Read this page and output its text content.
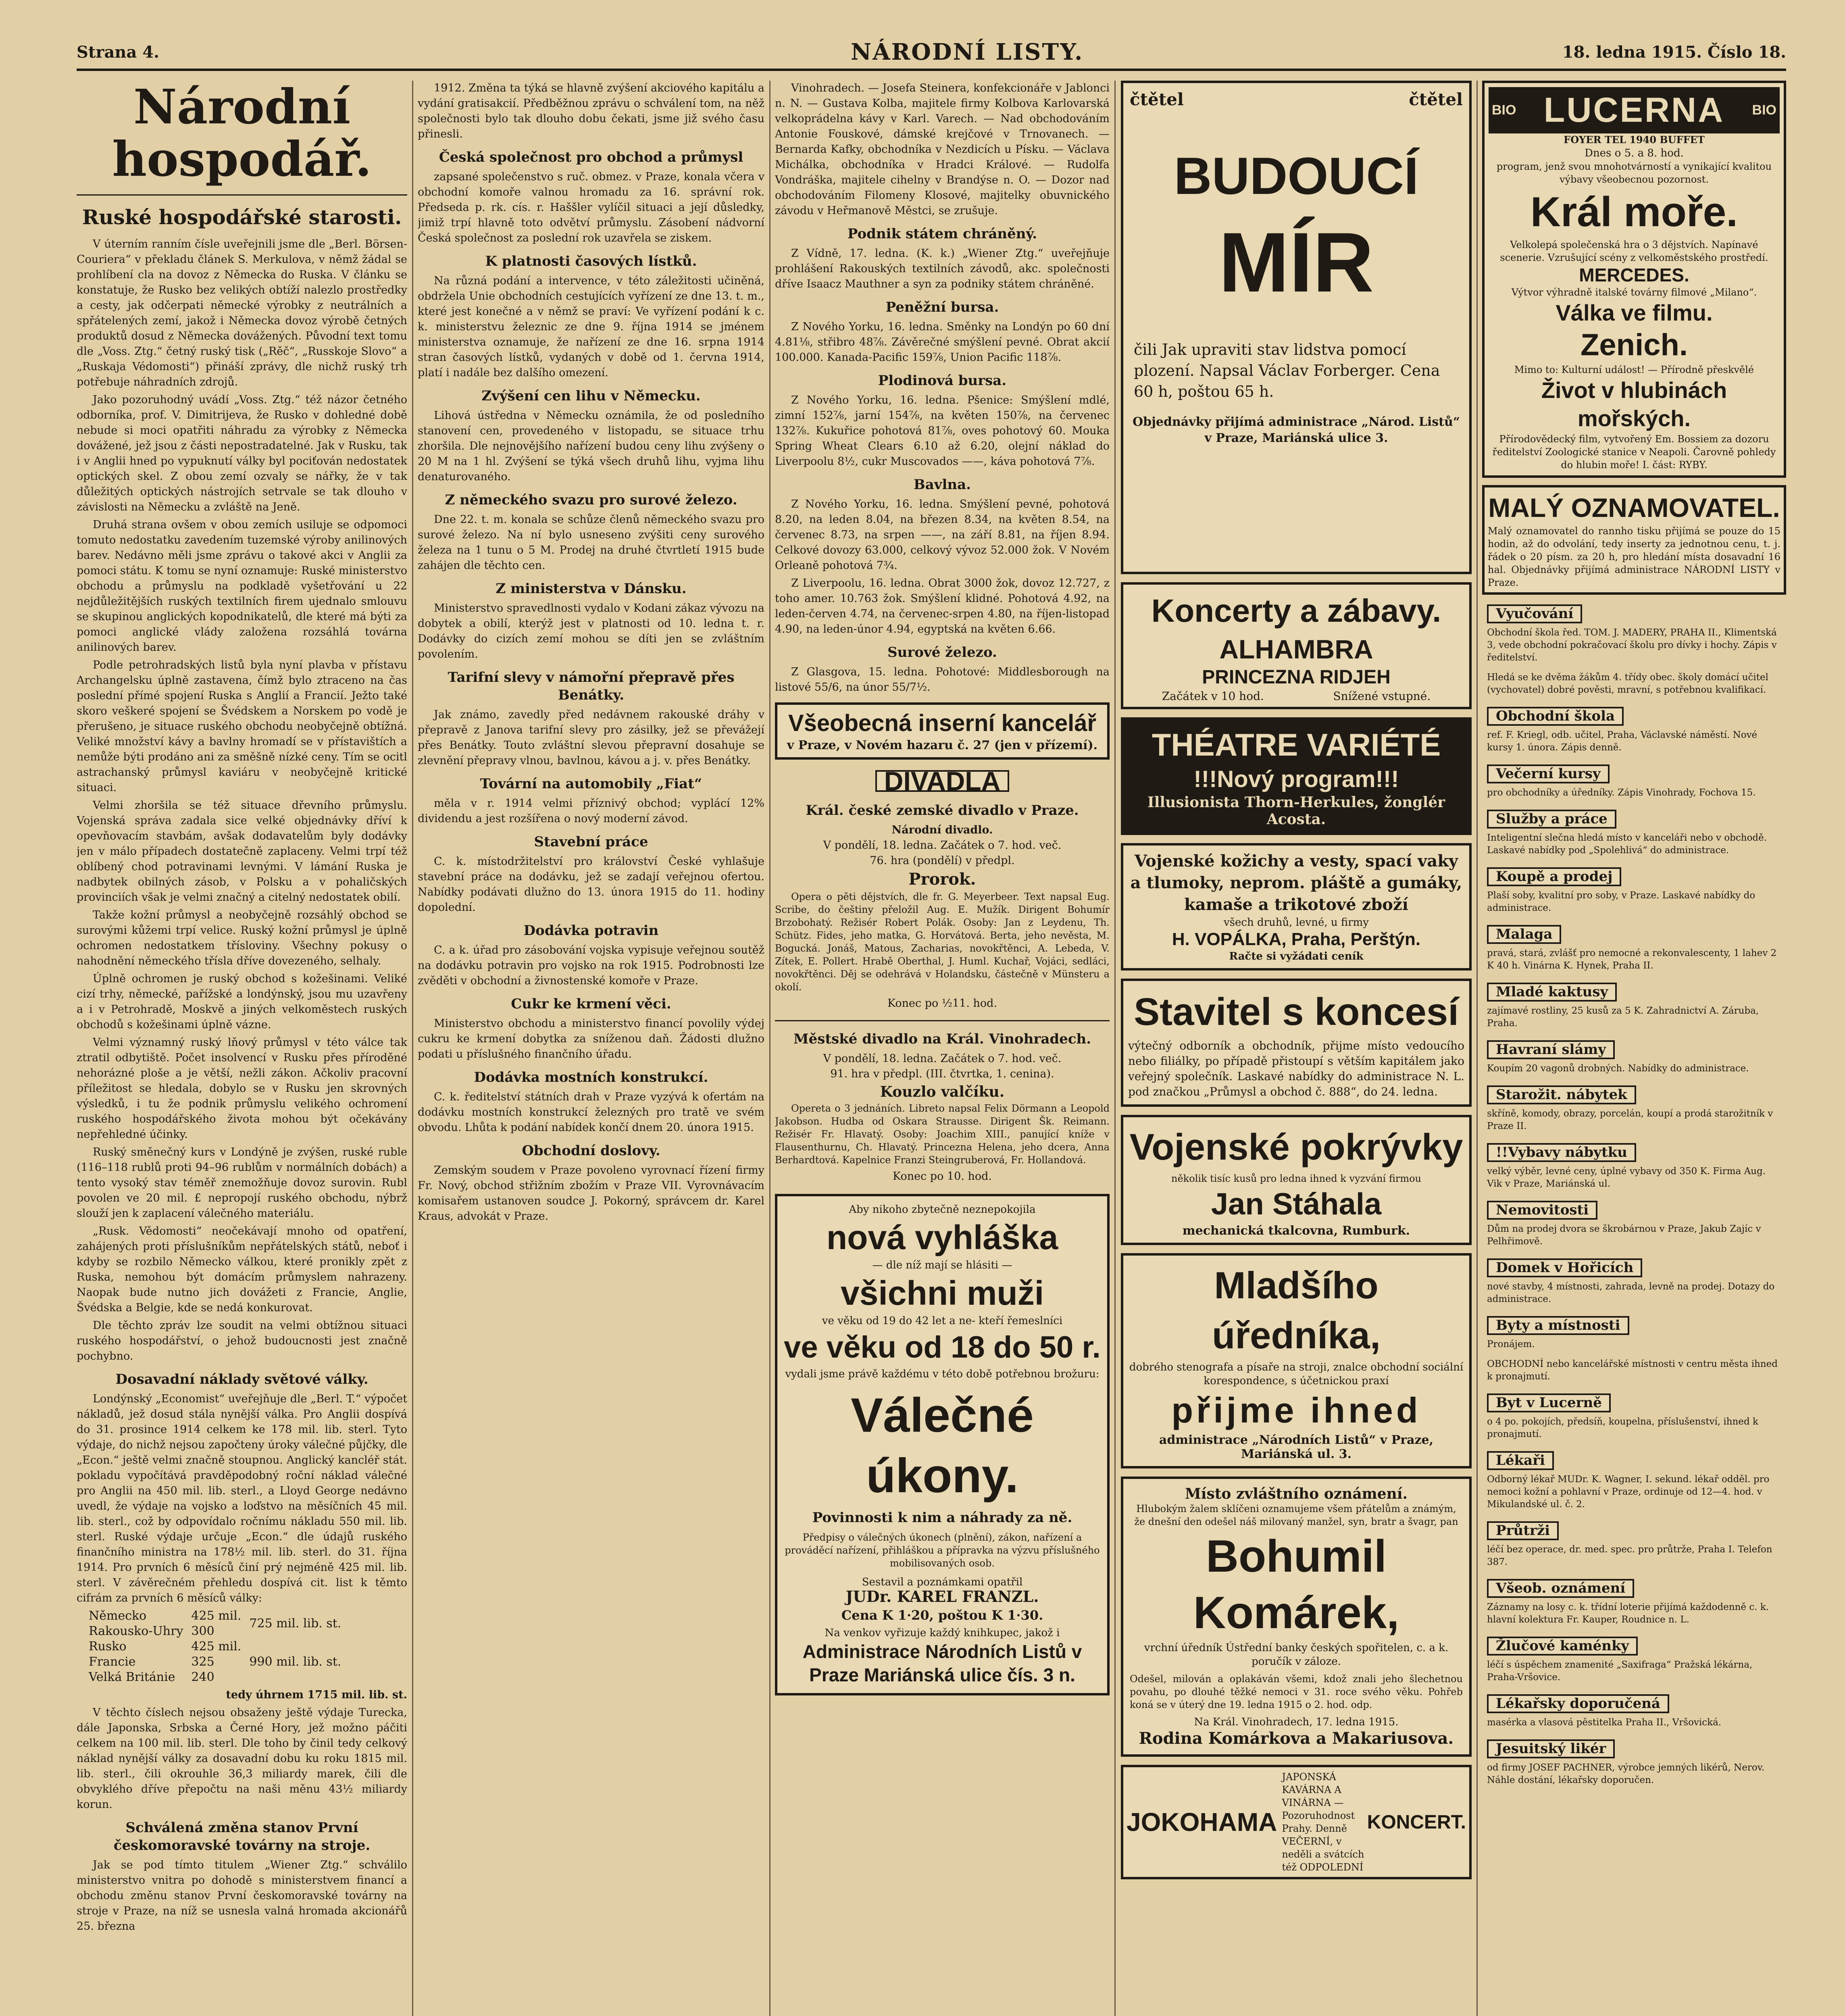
Strana 4.	NÁRODNÍ LISTY.	18. ledna 1915. Číslo 18.
Národní hospodář.
Ruské hospodářské starosti.

V úterním ranním čísle uveřejnili jsme dle „Berl. Börsen-Couriera“ v překladu článek S. Merkulova, v němž žádal se prohlíbení cla na dovoz z Německa do Ruska. V článku se konstatuje, že Rusko bez velikých obtíží nalezlo prostředky a cesty, jak odčerpati německé výrobky z neutrálních a spřátelených zemí, jakož i Německa dovoz výrobě četných produktů dosud z Německa dovážených. Původní text tomu dle „Voss. Ztg.“ četný ruský tisk („Rěč“, „Russkoje Slovo“ a „Ruskaja Védomosti“) přináší zprávy, dle nichž ruský trh potřebuje náhradních zdrojů.

Jako pozoruhodný uvádí „Voss. Ztg.“ též názor četného odborníka, prof. V. Dimitrijeva, že Rusko v dohledné době nebude si moci opatřiti náhradu za výrobky z Německa dovážené, jež jsou z části nepostradatelné. Jak v Rusku, tak i v Anglii hned po vypuknutí války byl pociťován nedostatek optických skel. Z obou zemí ozvaly se nářky, že v tak důležitých optických nástrojích setrvale se tak dlouho v závislosti na Německu a zvláště na Jeně.

Druhá strana ovšem v obou zemích usiluje se odpomoci tomuto nedostatku zavedením tuzemské výroby anilinových barev. Nedávno měli jsme zprávu o takové akci v Anglii za pomoci státu. K tomu se nyní oznamuje: Ruské ministerstvo obchodu a průmyslu na podkladě vyšetřování u 22 nejdůležitějších ruských textilních firem ujednalo smlouvu se skupinou anglických kopodnikatelů, dle které má býti za pomoci anglické vlády založena rozsáhlá továrna anilinových barev.

Podle petrohradských listů byla nyní plavba v přístavu Archangelsku úplně zastavena, čímž bylo ztraceno na čas poslední přímé spojení Ruska s Anglií a Francií. Ježto také skoro veškeré spojení se Švédskem a Norskem po vodě je přerušeno, je situace ruského obchodu neobyčejně obtížná. Veliké množství kávy a bavlny hromadí se v přístavištích a nemůže býti prodáno ani za směšně nízké ceny. Tím se ocitl astrachanský průmysl kaviáru v neobyčejně kritické situaci.

Velmi zhoršila se též situace dřevního průmyslu. Vojenská správa zadala sice velké objednávky dříví k opevňovacím stavbám, avšak dodavatelům byly dodávky jen v málo případech dostatečně zaplaceny. Velmi trpí též oblíbený chod potravinami levnými. V lámání Ruska je nadbytek obilných zásob, v Polsku a v pohaličských provinciích však je velmi značný a citelný nedostatek obilí.

Takže kožní průmysl a neobyčejně rozsáhlý obchod se surovými kůžemi trpí velice. Ruský kožní průmysl je úplně ochromen nedostatkem třísloviny. Všechny pokusy o nahodnění německého třísla dříve dovezeného, selhaly.

Úplně ochromen je ruský obchod s kožešinami. Veliké cizí trhy, německé, pařížské a londýnský, jsou mu uzavřeny a i v Petrohradě, Moskvě a jiných velkoměstech ruských obchodů s kožešinami úplně vázne.

Velmi významný ruský lňový průmysl v této válce tak ztratil odbytiště. Počet insolvencí v Rusku přes příroděné nehorázné ploše a je větší, nežli zákon. Ačkoliv pracovní příležitost se hledala, dobylo se v Rusku jen skrovných výsledků, i tu že podnik průmyslu velikého ochromení ruského hospodářského života mohou být očekávány nepřehledné účinky.

Ruský směnečný kurs v Londýně je zvýšen, ruské ruble (116–118 rublů proti 94–96 rublům v normálních dobách) a tento vysoký stav téměř znemožňuje dovoz surovin. Rubl povolen ve 20 mil. £ nepropojí ruského obchodu, nýbrž slouží jen k zaplacení válečného materiálu.

„Rusk. Vědomosti“ neočekávají mnoho od opatření, zahájených proti příslušníkům nepřátelských států, neboť i kdyby se rozbilo Německo válkou, které pronikly zpět z Ruska, nemohou být domácím průmyslem nahrazeny. Naopak bude nutno jich dovážeti z Francie, Anglie, Švédska a Belgie, kde se nedá konkurovat.

Dle těchto zpráv lze soudit na velmi obtížnou situaci ruského hospodářství, o jehož budoucnosti jest značně pochybno.

Dosavadní náklady světové války.

Londýnský „Economist“ uveřejňuje dle „Berl. T.“ výpočet nákladů, jež dosud stála nynější válka. Pro Anglii dospívá do 31. prosince 1914 celkem ke 178 mil. lib. sterl. Tyto výdaje, do nichž nejsou započteny úroky válečné půjčky, dle „Econ.“ ještě velmi značně stoupnou. Anglický kancléř stát. pokladu vypočítává pravděpodobný roční náklad válečné pro Anglii na 450 mil. lib. sterl., a Lloyd George nedávno uvedl, že výdaje na vojsko a loďstvo na měsíčních 45 mil. lib. sterl., což by odpovídalo ročnímu nákladu 550 mil. lib. sterl. Ruské výdaje určuje „Econ.“ dle údajů ruského finančního ministra na 178½ mil. lib. sterl. do 31. října 1914. Pro prvních 6 měsíců činí prý nejméně 425 mil. lib. sterl. V závěrečném přehledu dospívá cit. list k těmto cifrám za prvních 6 měsíců války:

Německo	425 mil.	725 mil. lib. st.
Rakousko-Uhry	300	
Rusko	425 mil.	990 mil. lib. st.
Francie	325	
Velká Británie	240	

tedy úhrnem 1715 mil. lib. st.

V těchto číslech nejsou obsaženy ještě výdaje Turecka, dále Japonska, Srbska a Černé Hory, jež možno páčiti celkem na 100 mil. lib. sterl. Dle toho by činil tedy celkový náklad nynější války za dosavadní dobu ku roku 1815 mil. lib. sterl., čili okrouhle 36,3 miliardy marek, čili dle obvyklého dříve přepočtu na naši měnu 43½ miliardy korun.

Schválená změna stanov První českomoravské továrny na stroje.

Jak se pod tímto titulem „Wiener Ztg.“ schválilo ministerstvo vnitra po dohodě s ministerstvem financí a obchodu změnu stanov První českomoravské továrny na stroje v Praze, na níž se usnesla valná hromada akcionářů 25. března

1912. Změna ta týká se hlavně zvýšení akciového kapitálu a vydání gratisakcií. Předběžnou zprávu o schválení tom, na něž společnosti bylo tak dlouho dobu čekati, jsme již svého času přinesli.

Česká společnost pro obchod a průmysl

zapsané společenstvo s ruč. obmez. v Praze, konala včera v obchodní komoře valnou hromadu za 16. správní rok. Předseda p. rk. cís. r. Haššler vylíčil situaci a její důsledky, jimiž trpí hlavně toto odvětví průmyslu. Zásobení nádvorní Česká společnost za poslední rok uzavřela se ziskem.

K platnosti časových lístků.

Na různá podání a intervence, v této záležitosti učiněná, obdržela Unie obchodních cestujících vyřízení ze dne 13. t. m., které jest konečné a v němž se praví: Ve vyřízení podání k c. k. ministerstvu železnic ze dne 9. října 1914 se jménem ministerstva oznamuje, že nařízení ze dne 16. srpna 1914 stran časových lístků, vydaných v době od 1. června 1914, platí i nadále bez dalšího omezení.

Zvýšení cen lihu v Německu.

Lihová ústředna v Německu oznámila, že od posledního stanovení cen, provedeného v listopadu, se situace trhu zhoršila. Dle nejnovějšího nařízení budou ceny lihu zvýšeny o 20 M na 1 hl. Zvýšení se týká všech druhů lihu, vyjma lihu denaturovaného.

Z německého svazu pro surové železo.

Dne 22. t. m. konala se schůze členů německého svazu pro surové železo. Na ní bylo usneseno zvýšiti ceny surového železa na 1 tunu o 5 M. Prodej na druhé čtvrtletí 1915 bude zahájen dle těchto cen.

Z ministerstva v Dánsku.

Ministerstvo spravedlnosti vydalo v Kodani zákaz vývozu na dobytek a obilí, kterýž jest v platnosti od 10. ledna t. r. Dodávky do cizích zemí mohou se díti jen se zvláštním povolením.

Tarifní slevy v námořní přepravě přes Benátky.

Jak známo, zavedly před nedávnem rakouské dráhy v přepravě z Janova tarifní slevy pro zásilky, jež se převážejí přes Benátky. Touto zvláštní slevou přepravní dosahuje se zlevnění přepravy vlnou, bavlnou, kávou a j. v. přes Benátky.

Tovární na automobily „Fiat“

měla v r. 1914 velmi příznivý obchod; vyplácí 12% dividendu a jest rozšířena o nový moderní závod.

Stavební práce

C. k. místodržitelství pro království České vyhlašuje stavební práce na dodávku, jež se zadají veřejnou ofertou. Nabídky podávati dlužno do 13. února 1915 do 11. hodiny dopolední.

Dodávka potravin

C. a k. úřad pro zásobování vojska vypisuje veřejnou soutěž na dodávku potravin pro vojsko na rok 1915. Podrobnosti lze zvěděti v obchodní a živnostenské komoře v Praze.

Cukr ke krmení věci.

Ministerstvo obchodu a ministerstvo financí povolily výdej cukru ke krmení dobytka za sníženou daň. Žádosti dlužno podati u příslušného finančního úřadu.

Dodávka mostních konstrukcí.

C. k. ředitelství státních drah v Praze vyzývá k ofertám na dodávku mostních konstrukcí železných pro tratě ve svém obvodu. Lhůta k podání nabídek končí dnem 20. února 1915.

Obchodní doslovy.

Zemským soudem v Praze povoleno vyrovnací řízení firmy Fr. Nový, obchod střižním zbožím v Praze VII. Vyrovnávacím komisařem ustanoven soudce J. Pokorný, správcem dr. Karel Kraus, advokát v Praze.

Vinohradech. — Josefa Steinera, konfekcionáře v Jablonci n. N. — Gustava Kolba, majitele firmy Kolbova Karlovarská velkoprádelna kávy v Karl. Varech. — Nad obchodováním Antonie Fouskové, dámské krejčové v Trnovanech. — Bernarda Kafky, obchodníka v Nezdicích u Písku. — Václava Michálka, obchodníka v Hradci Králové. — Rudolfa Vondráška, majitele cihelny v Brandýse n. O. — Dozor nad obchodováním Filomeny Klosové, majitelky obuvnického závodu v Heřmanově Městci, se zrušuje.

Podnik státem chráněný.

Z Vídně, 17. ledna. (K. k.) „Wiener Ztg.“ uveřejňuje prohlášení Rakouských textilních závodů, akc. společnosti dříve Isaacz Mauthner a syn za podniky státem chráněné.

Peněžní bursa.

Z Nového Yorku, 16. ledna. Směnky na Londýn po 60 dní 4.81⅛, střibro 48⅞. Závěrečné smýšlení pevné. Obrat akcií 100.000. Kanada-Pacific 159⅞, Union Pacific 118⅞.

Plodinová bursa.

Z Nového Yorku, 16. ledna. Pšenice: Smýšlení mdlé, zimní 152⅞, jarní 154⅞, na květen 150⅞, na červenec 132⅞. Kukuřice pohotová 81⅞, oves pohotový 60. Mouka Spring Wheat Clears 6.10 až 6.20, olejní náklad do Liverpoolu 8½, cukr Muscovados ——, káva pohotová 7⅞.

Bavlna.

Z Nového Yorku, 16. ledna. Smýšlení pevné, pohotová 8.20, na leden 8.04, na březen 8.34, na květen 8.54, na červenec 8.73, na srpen ——, na září 8.81, na říjen 8.94. Celkové dovozy 63.000, celkový vývoz 52.000 žok. V Novém Orleaně pohotová 7¾.

Z Liverpoolu, 16. ledna. Obrat 3000 žok, dovoz 12.727, z toho amer. 10.763 žok. Smýšlení klidné. Pohotová 4.92, na leden-červen 4.74, na červenec-srpen 4.80, na říjen-listopad 4.90, na leden-únor 4.94, egyptská na květen 6.66.

Surové železo.

Z Glasgova, 15. ledna. Pohotové: Middlesborough na listové 55/6, na únor 55/7½.

Všeobecná inserní kancelář
v Praze, v Novém hazaru č. 27 (jen v přízemí).
DIVADLA
Král. české zemské divadlo v Praze.
Národní divadlo.
V pondělí, 18. ledna. Začátek o 7. hod. več.
76. hra (pondělí) v předpl.
Prorok.

Opera o pěti dějstvích, dle fr. G. Meyerbeer. Text napsal Eug. Scribe, do češtiny přeložil Aug. E. Mužík. Dirigent Bohumír Brzobohatý. Režisér Robert Polák. Osoby: Jan z Leydenu, Th. Schütz. Fides, jeho matka, G. Horvátová. Berta, jeho nevěsta, M. Bogucká. Jonáš, Matous, Zacharias, novokřtěnci, A. Lebeda, V. Zítek, E. Pollert. Hrabě Oberthal, J. Huml. Kuchař, Vojáci, sedláci, novokřtěnci. Děj se odehrává v Holandsku, částečně v Münsteru a okolí.

Konec po ½11. hod.
Městské divadlo na Král. Vinohradech.
V pondělí, 18. ledna. Začátek o 7. hod. več.
91. hra v předpl. (III. čtvrtka, 1. cenina).
Kouzlo valčíku.

Opereta o 3 jednáních. Libreto napsal Felix Dörmann a Leopold Jakobson. Hudba od Oskara Strausse. Dirigent Šk. Reimann. Režisér Fr. Hlavatý. Osoby: Joachim XIII., panující kníže v Flausenthurnu, Ch. Hlavatý. Princezna Helena, jeho dcera, Anna Berhardtová. Kapelnice Franzi Steingruberová, Fr. Hollandová.

Konec po 10. hod.
Aby nikoho zbytečně neznepokojila
nová vyhláška
— dle níž mají se hlásiti —
všichni muži
ve věku od 19 do 42 let a ne- kteří řemeslníci
ve věku od 18 do 50 r.
vydali jsme právě každému v této době potřebnou brožuru:
Válečné úkony.
Povinnosti k nim a náhrady za ně.

Předpisy o válečných úkonech (plnění), zákon, nařízení a prováděcí nařízení, přihláškou a přípravka na výzvu příslušného mobilisovaných osob.

Sestavil a poznámkami opatřil
JUDr. KAREL FRANZL.
Cena K 1·20, poštou K 1·30.
Na venkov vyřizuje každý knihkupec, jakož i
Administrace Národních Listů v Praze Mariánská ulice čís. 3 n.
čtětel	čtětel
BUDOUCÍ
MÍR
čili Jak upraviti stav lidstva pomocí plození. Napsal Václav Forberger. Cena 60 h, poštou 65 h.
Objednávky přijímá administrace „Národ. Listů“ v Praze, Mariánská ulice 3.
Koncerty a zábavy.
ALHAMBRA
PRINCEZNA RIDJEH
Začátek v 10 hod.	Snížené vstupné.
THÉATRE VARIÉTÉ
!!!Nový program!!!
Illusionista Thorn-Herkules, žonglér Acosta.
Vojenské kožichy a vesty, spací vaky a tlumoky, neprom. pláště a gumáky, kamaše a trikotové zboží
všech druhů, levné, u firmy
H. VOPÁLKA, Praha, Perštýn.
Račte si vyžádati ceník
Stavitel s koncesí
výtečný odborník a obchodník, přijme místo vedoucího nebo filiálky, po případě přistoupí s větším kapitálem jako veřejný společník. Laskavé nabídky do administrace N. L. pod značkou „Průmysl a obchod č. 888“, do 24. ledna.
Vojenské pokrývky
několik tisíc kusů pro ledna ihned k vyzvání firmou
Jan Stáhala
mechanická tkalcovna, Rumburk.
Mladšího úředníka,
dobrého stenografa a písaře na stroji, znalce obchodní sociální korespondence, s účetnickou praxí
přijme ihned
administrace „Národních Listů“ v Praze, Mariánská ul. 3.
Místo zvláštního oznámení.
Hlubokým žalem sklíčeni oznamujeme všem přátelům a známým, že dnešní den odešel náš milovaný manžel, syn, bratr a švagr, pan
Bohumil Komárek,
vrchní úředník Ústřední banky českých spořitelen, c. a k. poručík v záloze.
Odešel, milován a oplakáván všemi, kdož znali jeho šlechetnou povahu, po dlouhé těžké nemoci v 31. roce svého věku. Pohřeb koná se v úterý dne 19. ledna 1915 o 2. hod. odp.
Na Král. Vinohradech, 17. ledna 1915.
Rodina Komárkova a Makariusova.
JOKOHAMA
JAPONSKÁ KAVÁRNA A VINÁRNA — Pozoruhodnost Prahy. Denně VEČERNÍ, v neděli a svátcích též ODPOLEDNÍ
KONCERT.
BIO LUCERNA BIO
FOYER TEL 1940 BUFFET
Dnes o 5. a 8. hod.
program, jenž svou mnohotvárností a vynikající kvalitou výbavy všeobecnou pozornost.
Král moře.
Velkolepá společenská hra o 3 dějstvích. Napínavé scenerie. Vzrušující scény z velkoměstského prostředí.
MERCEDES.
Výtvor výhradně italské továrny filmové „Milano“.
Válka ve filmu.
Zenich.
Mimo to: Kulturní událost! — Přírodně přeskvělé
Život v hlubinách mořských.
Přírodovědecký film, vytvořený Em. Bossiem za dozoru ředitelství Zoologické stanice v Neapoli. Čarovně pohledy do hlubin moře! I. část: RYBY.
MALÝ OZNAMOVATEL.
Malý oznamovatel do rannho tisku přijímá se pouze do 15 hodin, až do odvolání, tedy inserty za jednotnou cenu, t. j. řádek o 20 písm. za 20 h, pro hledání místa dosavadní 16 hal. Objednávky přijímá administrace NÁRODNÍ LISTY v Praze.
Vyučování
Obchodní škola řed. TOM. J. MADERY, PRAHA II., Klimentská 3, vede obchodní pokračovací školu pro dívky i hochy. Zápis v ředitelství.
Hledá se ke dvěma žákům 4. třídy obec. školy domácí učitel (vychovatel) dobré pověsti, mravní, s potřebnou kvalifikací.
Obchodní škola
ref. F. Kriegl, odb. učitel, Praha, Václavské náměstí. Nové kursy 1. února. Zápis denně.
Večerní kursy
pro obchodníky a úředníky. Zápis Vinohrady, Fochova 15.
Služby a práce
Inteligentní slečna hledá místo v kanceláři nebo v obchodě. Laskavé nabídky pod „Spolehlivá“ do administrace.
Koupě a prodej
Plaší soby, kvalitní pro soby, v Praze. Laskavé nabídky do administrace.
Malaga
pravá, stará, zvlášť pro nemocné a rekonvalescenty, 1 lahev 2 K 40 h. Vinárna K. Hynek, Praha II.
Mladé kaktusy
zajímavé rostliny, 25 kusů za 5 K. Zahradnictví A. Záruba, Praha.
Havraní slámy
Koupím 20 vagonů drobných. Nabídky do administrace.
Starožit. nábytek
skříně, komody, obrazy, porcelán, koupí a prodá starožitník v Praze II.
!!Vybavy nábytku
velký výběr, levné ceny, úplné vybavy od 350 K. Firma Aug. Vik v Praze, Mariánská ul.
Nemovitosti
Dům na prodej dvora se škrobárnou v Praze, Jakub Zajíc v Pelhřimově.
Domek v Hořicích
nové stavby, 4 místnosti, zahrada, levně na prodej. Dotazy do administrace.
Byty a místnosti
Pronájem.
OBCHODNÍ nebo kancelářské místnosti v centru města ihned k pronajmutí.
Byt v Lucerně
o 4 po. pokojích, předsíň, koupelna, příslušenství, ihned k pronajmutí.
Lékaři
Odborný lékař MUDr. K. Wagner, I. sekund. lékař odděl. pro nemoci kožní a pohlavní v Praze, ordinuje od 12—4. hod. v Mikulandské ul. č. 2.
Průtrži
léčí bez operace, dr. med. spec. pro průtrže, Praha I. Telefon 387.
Všeob. oznámení
Záznamy na losy c. k. třídní loterie přijímá každodenně c. k. hlavní kolektura Fr. Kauper, Roudnice n. L.
Žlučové kaménky
léčí s úspěchem znamenité „Saxifraga“ Pražská lékárna, Praha-Vršovice.
Lékařsky doporučená
masérka a vlasová pěstitelka Praha II., Vršovická.
Jesuitský likér
od firmy JOSEF PACHNER, výrobce jemných likérů, Nerov. Náhle dostání, lékařsky doporučen.
